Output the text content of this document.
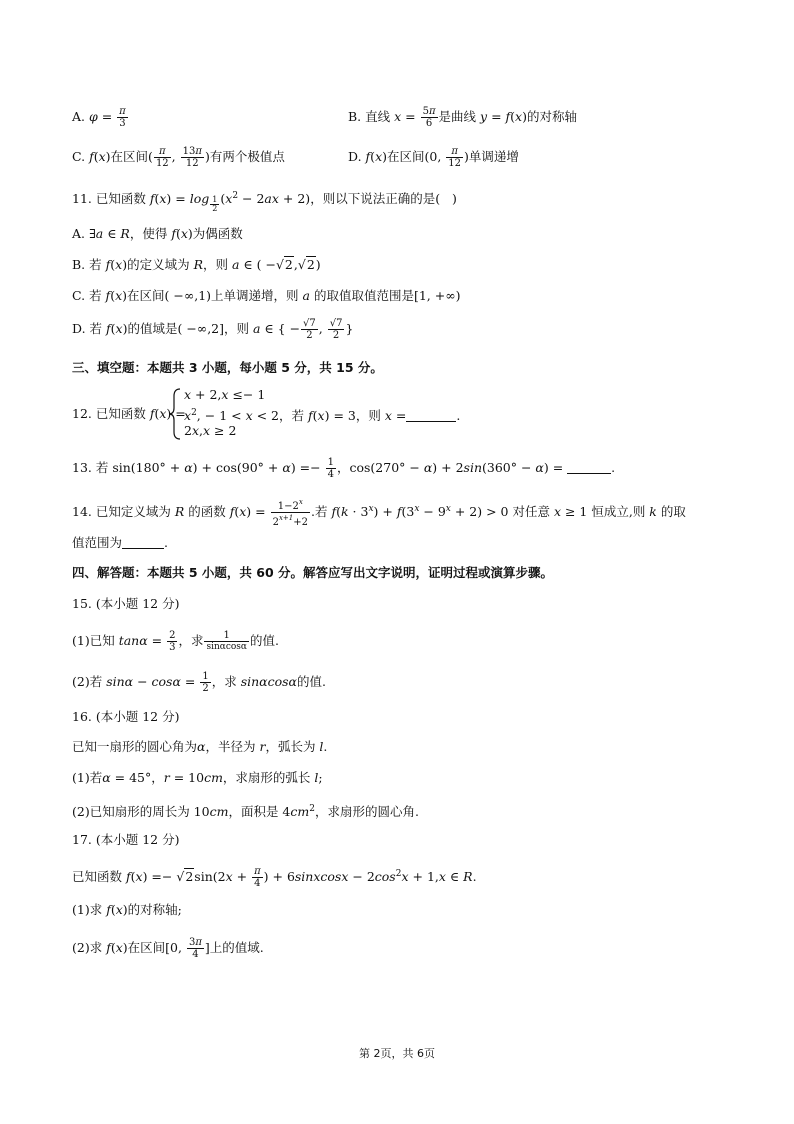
A. $\varphi = \frac{\pi}{3}$	B. 直线 $x = \frac{5\pi}{6}$ 是曲线 y = f(x)的对称轴
C. f(x)在区间( $\frac{\pi}{12}$ , $\frac{13\pi}{12}$ )有两个极值点	D. f(x)在区间(0, $\frac{\pi}{12}$ )单调递增
11. 已知函数 f(x) = log $_{\frac{1}{2}}$ $(x^2 - 2ax + 2)$，则以下说法正确的是(   )
A. ∃a ∈ R，使得 f(x)为偶函数
B. 若 f(x)的定义域为 R，则 a ∈ ( −√2,√2)
C. 若 f(x)在区间( −∞,1)上单调递增，则 a 的取值取值范围是[1, +∞)
D. 若 f(x)的值域是( −∞,2]，则 a ∈ { − $\frac{√7}{2}$ , $\frac{√7}{2}$ }
三、填空题：本题共 3 小题，每小题 5 分，共 15 分。
12. 已知函数 f(x) =
x + 2,x ≤− 1
$x^2$, − 1 < x < 2，若 f(x) = 3，则 x =	.
2x,x ≥ 2
13. 若 $\sin(180^\circ + \alpha) + \cos(90^\circ + \alpha) =- \frac{1}{4}$ ，cos(270° − α) + 2sin(360° − α) =	.
14. 已知定义域为 R 的函数 $f(x) = \frac{1-2^x}{2^{x+1}+2}$ .若 $f(k \cdot 3^x) + f(3^x - 9^x + 2) > 0$ 对任意 x ≥ 1 恒成立,则 k 的取
值范围为	.
四、解答题：本题共 5 小题，共 60 分。解答应写出文字说明，证明过程或演算步骤。
15. (本小题 12 分)
(1)已知 $\tan\alpha = \frac{2}{3}$ ，求 $\frac{1}{\sin\alpha\cos\alpha}$ 的值.
(2)若 $\sin\alpha - \cos\alpha = \frac{1}{2}$ ，求 sinαcosα的值.
16. (本小题 12 分)
已知一扇形的圆心角为α，半径为 r，弧长为 l.
(1)若α = 45°，r = 10cm，求扇形的弧长 l;
(2)已知扇形的周长为 10cm，面积是 $4cm^2$，求扇形的圆心角.
17. (本小题 12 分)
已知函数 $f(x) =- √2\sin(2x + \frac{\pi}{4}$ ) + 6sinxcosx − $2\cos^2x + 1,x$ ∈ R.
(1)求 f(x)的对称轴;
(2)求 f(x)在区间[0, $\frac{3\pi}{4}$ ]上的值域.
第 2页，共 6页
